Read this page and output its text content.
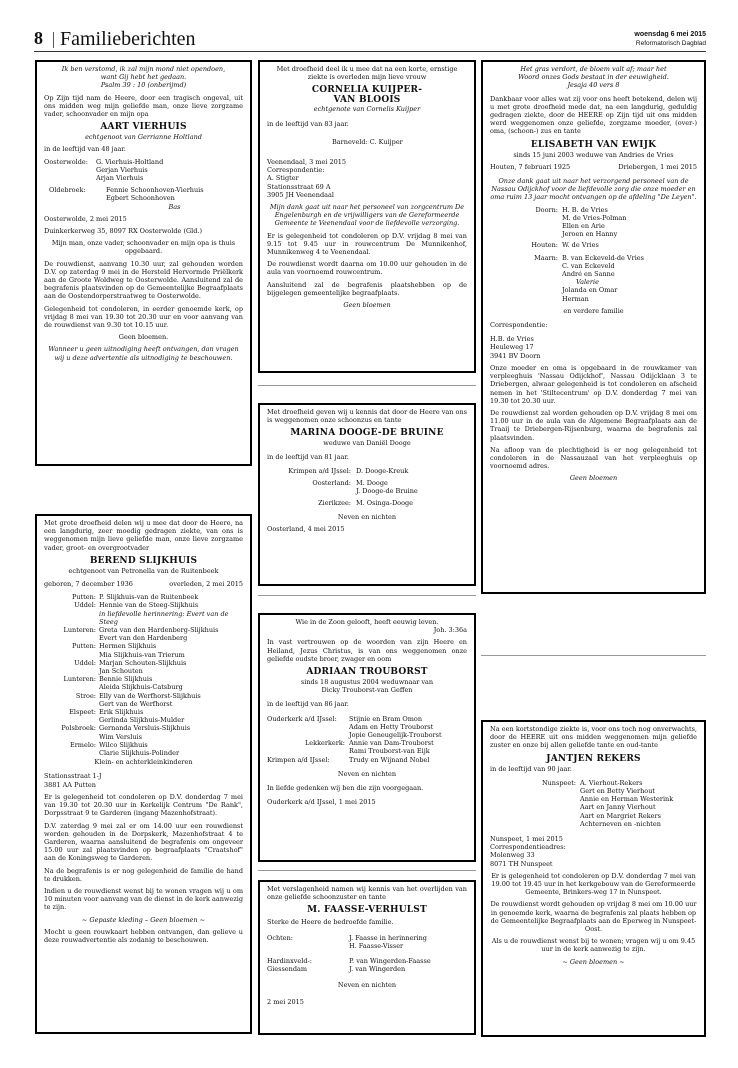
8 Familieberichten	woensdag 6 mei 2015
Reformatorisch Dagblad
Ik ben verstomd, ik zal mijn mond niet opendoen,
want Gij hebt het gedaan.
Psalm 39 : 10 (onberijmd)

Op Zijn tijd nam de Heere, door een tragisch ongeval, uit ons midden weg mijn geliefde man, onze lieve zorgzame vader, schoonvader en mijn opa

AART VIERHUIS
echtgenoot van Gerrianne Holtland

in de leeftijd van 48 jaar.

Oosterwolde:	G. Vierhuis-Holtland
Gerjan Vierhuis
Arjan Vierhuis
Oldebroek:	Fennie Schoonhoven-Vierhuis
Egbert Schoonhoven
Bas

Oosterwolde, 2 mei 2015

Duinkerkerweg 35, 8097 RX Oosterwolde (Gld.)

Mijn man, onze vader, schoonvader en mijn opa is thuis opgebaard.

De rouwdienst, aanvang 10.30 uur, zal gehouden worden D.V. op zaterdag 9 mei in de Hersteld Hervormde Priëlkerk aan de Groote Woldweg te Oosterwolde. Aansluitend zal de begrafenis plaatsvinden op de Gemeentelijke Begraafplaats aan de Oostendorperstraatweg te Oosterwolde.

Gelegenheid tot condoleren, in eerder genoemde kerk, op vrijdag 8 mei van 19.30 tot 20.30 uur en voor aanvang van de rouwdienst van 9.30 tot 10.15 uur.

Geen bloemen.

Wanneer u geen uitnodiging heeft ontvangen, dan vragen wij u deze advertentie als uitnodiging te beschouwen.

Met droefheid deel ik u mee dat na een korte, ernstige ziekte is overleden mijn lieve vrouw

CORNELIA KUIJPER-
VAN BLOOIS
echtgenote van Cornelis Kuijper

in de leeftijd van 83 jaar.

Barneveld: C. Kuijper

Veenendaal, 3 mei 2015
Correspondentie:
A. Stigter
Stationsstraat 69 A

3905 JH Veenendaal

Mijn dank gaat uit naar het personeel van zorgcentrum De Engelenburgh en de vrijwilligers van de Gereformeerde Gemeente te Veenendaal voor de liefdevolle verzorging.

Er is gelegenheid tot condoleren op D.V. vrijdag 8 mei van 9.15 tot 9.45 uur in rouwcentrum De Munnikenhof, Munnikenweg 4 te Veenendaal.

De rouwdienst wordt daarna om 10.00 uur gehouden in de aula van voornoemd rouwcentrum.

Aansluitend zal de begrafenis plaatshebben op de bijgelegen gemeentelijke begraafplaats.

Geen bloemen

Met droefheid geven wij u kennis dat door de Heere van ons is weggenomen onze schoonzus en tante

MARINA DOOGE-DE BRUINE
weduwe van Daniël Dooge

in de leeftijd van 81 jaar.

Krimpen a/d IJssel: D. Dooge-Kreuk
Oosterland: M. Dooge
J. Dooge-de Bruine
Zierikzee: M. Osinga-Dooge

Neven en nichten

Oosterland, 4 mei 2015

Wie in de Zoon gelooft, heeft eeuwig leven.

Joh. 3:36a

In vast vertrouwen op de woorden van zijn Heere en Heiland, Jezus Christus, is van ons weggenomen onze geliefde oudste broer, zwager en oom

ADRIAAN TROUBORST
sinds 18 augustus 2004 weduwnaar van
Dicky Trouborst-van Geffen

in de leeftijd van 86 jaar.

Ouderkerk a/d IJssel:	Stijnie en Bram Omon
Adam en Hetty Trouborst
Jopie Geneugelijk-Trouborst
Lekkerkerk: Annie van Dam-Trouborst
Rami Trouborst-van Eijk
Krimpen a/d IJssel:	Trudy en Wijnand Nobel

Neven en nichten

In liefde gedenken wij ben die zijn voorgegaan.

Ouderkerk a/d IJssel, 1 mei 2015

Met verslagenheid namen wij kennis van het overlijden van onze geliefde schoonzuster en tante

M. FAASSE-VERHULST

Sterke de Heere de bedroefde familie.

Ochten:	J. Faasse in herinnering
H. Faasse-Visser
Hardinxveld-: Giessendam
P. van Wingerden-Faasse
J. van Wingerden

Neven en nichten

2 mei 2015

Het gras verdort, de bloem valt af; maar het
Woord onzes Gods bestaat in der eeuwigheid.
Jesaja 40 vers 8

Dankbaar voor alles wat zij voor ons heeft betekend, delen wij u met grote droefheid mede dat, na een langdurig, geduldig gedragen ziekte, door de HEERE op Zijn tijd uit ons midden werd weggenomen onze geliefde, zorgzame moeder, (over-) oma, (schoon-) zus en tante

ELISABETH VAN EWIJK
sinds 15 juni 2003 weduwe van Andries de Vries
Houten, 7 februari 1925	Driebergen, 1 mei 2015

Onze dank gaat uit naar het verzorgend personeel van de Nassau Odijckhof voor de liefdevolle zorg die onze moeder en oma ruim 13 jaar mocht ontvangen op de afdeling "De Leyen".

Doorn: H. B. de Vries
M. de Vries-Polman
Ellen en Arie
Jeroen en Hanny
Houten: W. de Vries
Maarn: B. van Eckeveld-de Vries
C. van Eckeveld
André en Sanne
Valerie
Jolanda en Omar
Herman

en verdere familie

Correspondentie:

H.B. de Vries
Heuleweg 17

3941 BV Doorn

Onze moeder en oma is opgebaard in de rouwkamer van verpleeghuis 'Nassau Odijckhof', Nassau Odijcklaan 3 te Driebergen, alwaar gelegenheid is tot condoleren en afscheid nemen in het 'Stiltecentrum' op D.V. donderdag 7 mei van 19.30 tot 20.30 uur.

De rouwdienst zal worden gehouden op D.V. vrijdag 8 mei om 11.00 uur in de aula van de Algemene Begraafplaats aan de Traaij te Driebergen-Rijsenburg, waarna de begrafenis zal plaatsvinden.

Na afloop van de plechtigheid is er nog gelegenheid tot condoleren in de Nassauzaal van het verpleeghuis op voornoemd adres.

Geen bloemen

Met grote droefheid delen wij u mee dat door de Heere, na een langdurig, zeer moedig gedragen ziekte, van ons is weggenomen mijn lieve geliefde man, onze lieve zorgzame vader, groot- en overgrootvader

BEREND SLIJKHUIS
echtgenoot van Petronella van de Ruitenbeek
geboren, 7 december 1936	overleden, 2 mei 2015
Putten: P. Slijkhuis-van de Ruitenbeek
Uddel: Hennie van de Steeg-Slijkhuis
in liefdevolle herinnering: Evert van de Steeg
Lunteren: Greta van den Hardenberg-Slijkhuis
Evert van den Hardenberg
Putten: Hermen Slijkhuis
Mia Slijkhuis-van Trierum
Uddel: Marjan Schouten-Slijkhuis
Jan Schouten
Lunteren: Bennie Slijkhuis
Aleida Slijkhuis-Catsburg
Stroe: Elly van de Werfhorst-Slijkhuis
Gert van de Werfhorst
Elspeet: Erik Slijkhuis
Gerlinda Slijkhuis-Mulder
Polsbroek: Gernanda Versluis-Slijkhuis
Wim Versluis
Ermelo: Wilco Slijkhuis
Clarie Slijkhuis-Polinder

Klein- en achterkleinkinderen

Stationsstraat 1-J

3881 AA Putten

Er is gelegenheid tot condoleren op D.V. donderdag 7 mei van 19.30 tot 20.30 uur in Kerkelijk Centrum "De Rank", Dorpsstraat 9 te Garderen (ingang Mazenhofstraat).

D.V. zaterdag 9 mei zal er om 14.00 uur een rouwdienst worden gehouden in de Dorpskerk, Mazenhofstraat 4 te Garderen, waarna aansluitend de begrafenis om ongeveer 15.00 uur zal plaatsvinden op begraafplaats "Craatshof" aan de Koningsweg te Garderen.

Na de begrafenis is er nog gelegenheid de familie de hand te drukken.

Indien u de rouwdienst wenst bij te wonen vragen wij u om 10 minuten voor aanvang van de dienst in de kerk aanwezig te zijn.

~ Gepaste kleding – Geen bloemen ~

Mocht u geen rouwkaart hebben ontvangen, dan gelieve u deze rouwadvertentie als zodanig te beschouwen.

Na een kortstondige ziekte is, voor ons toch nog onverwachts, door de HEERE uit ons midden weggenomen mijn geliefde zuster en onze bij allen geliefde tante en oud-tante

JANTJEN REKERS

in de leeftijd van 90 jaar.

Nunspeet: A. Vierhout-Rekers
Gert en Betty Vierhout
Annie en Herman Westerink
Aart en Janny Vierhout
Aart en Margriet Rekers
Achterneven en -nichten
Nunspeet, 1 mei 2015
Correspondentieadres:
Molenweg 33

8071 TH Nunspeet

Er is gelegenheid tot condoleren op D.V. donderdag 7 mei van 19.00 tot 19.45 uur in het kerkgebouw van de Gereformeerde Gemeente, Brinkers-weg 17 in Nunspeet.

De rouwdienst wordt gehouden op vrijdag 8 mei om 10.00 uur in genoemde kerk, waarna de begrafenis zal plaats hebben op de Gemeentelijke Begraafplaats aan de Eperweg in Nunspeet-Oost.

Als u de rouwdienst wenst bij te wonen; vragen wij u om 9.45 uur in de kerk aanwezig te zijn.

~ Geen bloemen ~
